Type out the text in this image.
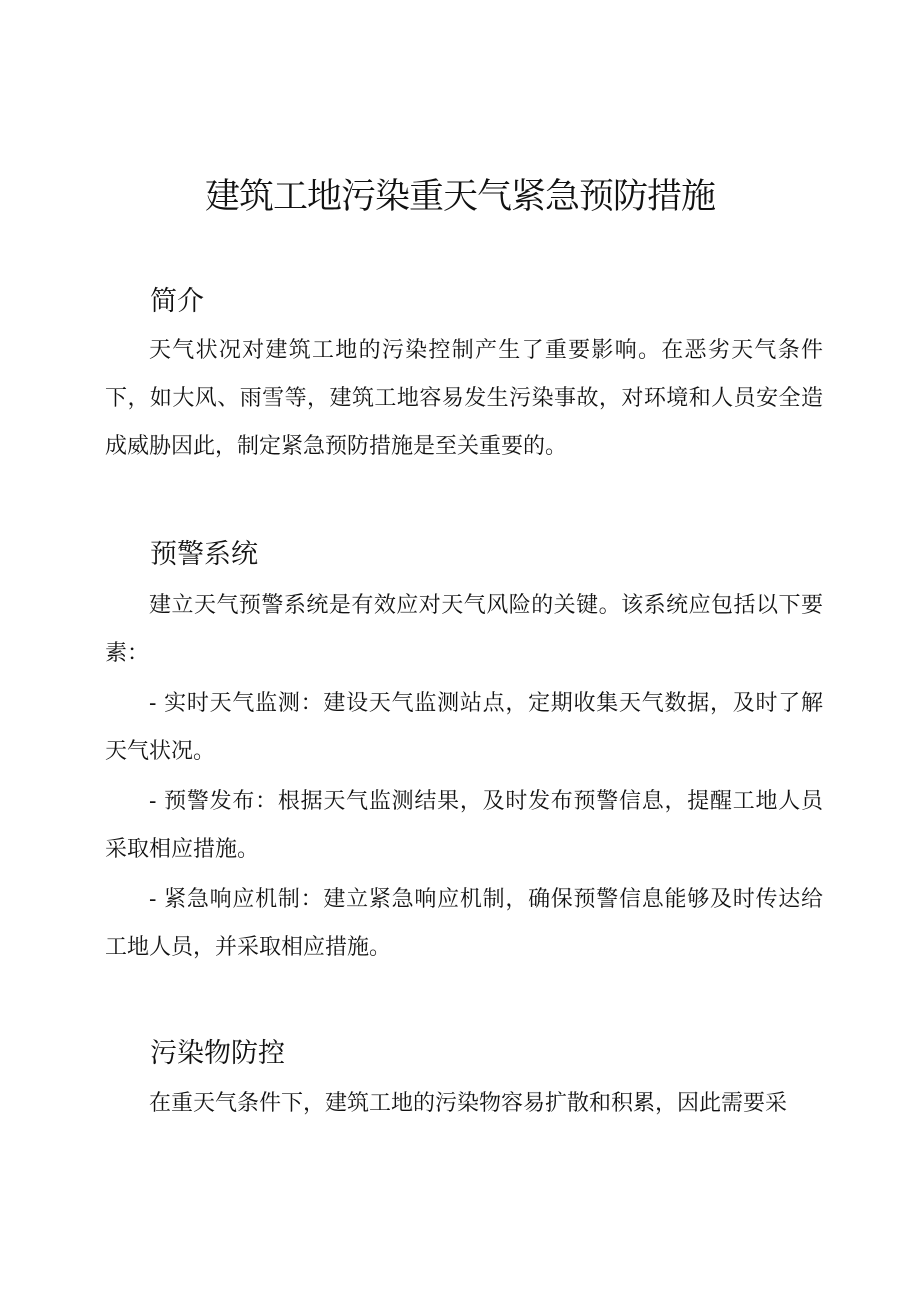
建筑工地污染重天气紧急预防措施
简介

天气状况对建筑工地的污染控制产生了重要影响。在恶劣天气条件下，如大风、雨雪等，建筑工地容易发生污染事故，对环境和人员安全造成威胁因此，制定紧急预防措施是至关重要的。

预警系统

建立天气预警系统是有效应对天气风险的关键。该系统应包括以下要素：

- 实时天气监测：建设天气监测站点，定期收集天气数据，及时了解天气状况。

- 预警发布：根据天气监测结果，及时发布预警信息，提醒工地人员采取相应措施。

- 紧急响应机制：建立紧急响应机制，确保预警信息能够及时传达给工地人员，并采取相应措施。

污染物防控

在重天气条件下，建筑工地的污染物容易扩散和积累，因此需要采
